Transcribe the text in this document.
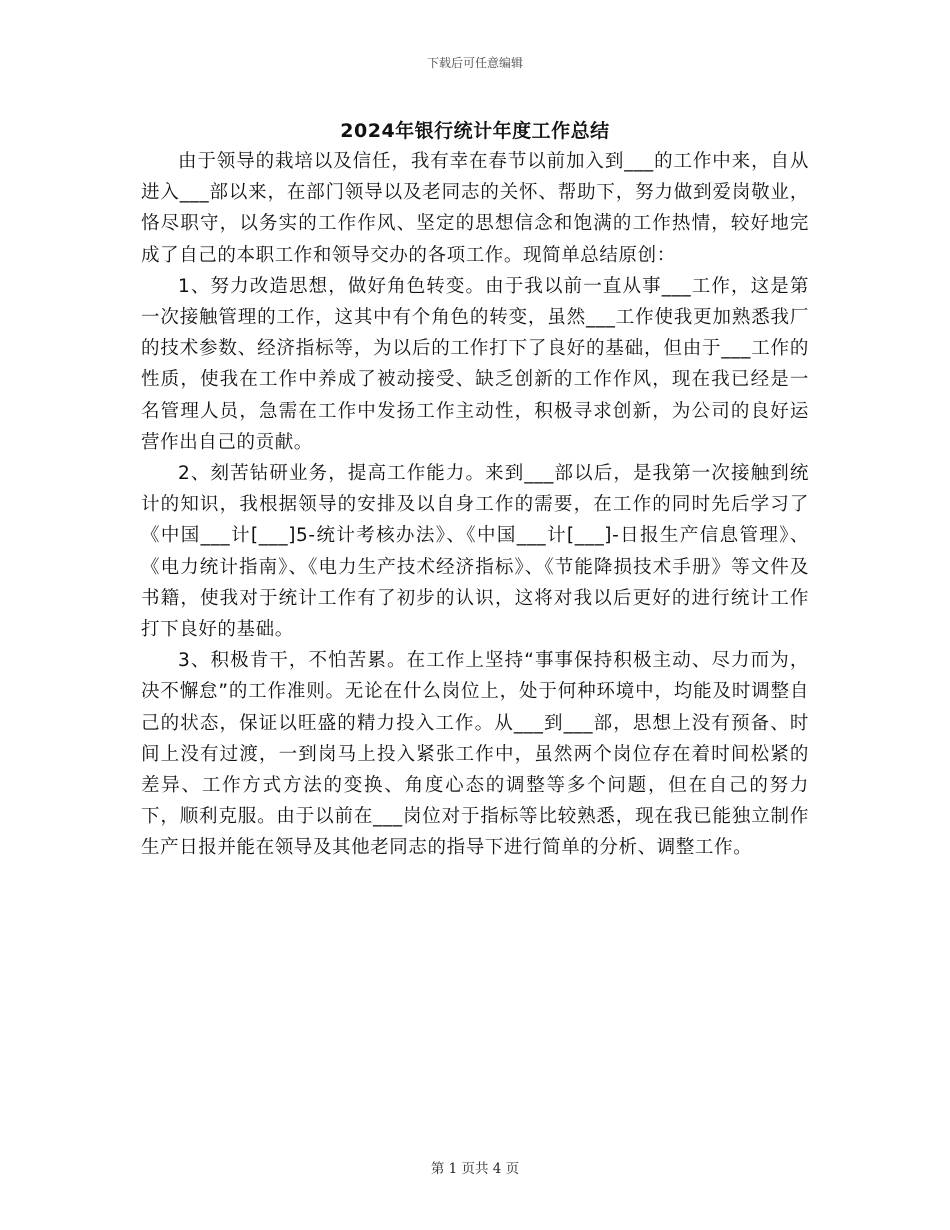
下载后可任意编辑
2024年银行统计年度工作总结

由于领导的栽培以及信任，我有幸在春节以前加入到___的工作中来，自从进入___部以来，在部门领导以及老同志的关怀、帮助下，努力做到爱岗敬业，恪尽职守，以务实的工作作风、坚定的思想信念和饱满的工作热情，较好地完成了自己的本职工作和领导交办的各项工作。现简单总结原创：

1、努力改造思想，做好角色转变。由于我以前一直从事___工作，这是第一次接触管理的工作，这其中有个角色的转变，虽然___工作使我更加熟悉我厂的技术参数、经济指标等，为以后的工作打下了良好的基础，但由于___工作的性质，使我在工作中养成了被动接受、缺乏创新的工作作风，现在我已经是一名管理人员，急需在工作中发扬工作主动性，积极寻求创新，为公司的良好运营作出自己的贡献。

2、刻苦钻研业务，提高工作能力。来到___部以后，是我第一次接触到统计的知识，我根据领导的安排及以自身工作的需要，在工作的同时先后学习了《中国___计[___]5-统计考核办法》、《中国___计[___]-日报生产信息管理》、《电力统计指南》、《电力生产技术经济指标》、《节能降损技术手册》等文件及书籍，使我对于统计工作有了初步的认识，这将对我以后更好的进行统计工作打下良好的基础。

3、积极肯干，不怕苦累。在工作上坚持“事事保持积极主动、尽力而为，决不懈怠”的工作准则。无论在什么岗位上，处于何种环境中，均能及时调整自己的状态，保证以旺盛的精力投入工作。从___到___部，思想上没有预备、时间上没有过渡，一到岗马上投入紧张工作中，虽然两个岗位存在着时间松紧的差异、工作方式方法的变换、角度心态的调整等多个问题，但在自己的努力下，顺利克服。由于以前在___岗位对于指标等比较熟悉，现在我已能独立制作生产日报并能在领导及其他老同志的指导下进行简单的分析、调整工作。

第 1 页共 4 页
